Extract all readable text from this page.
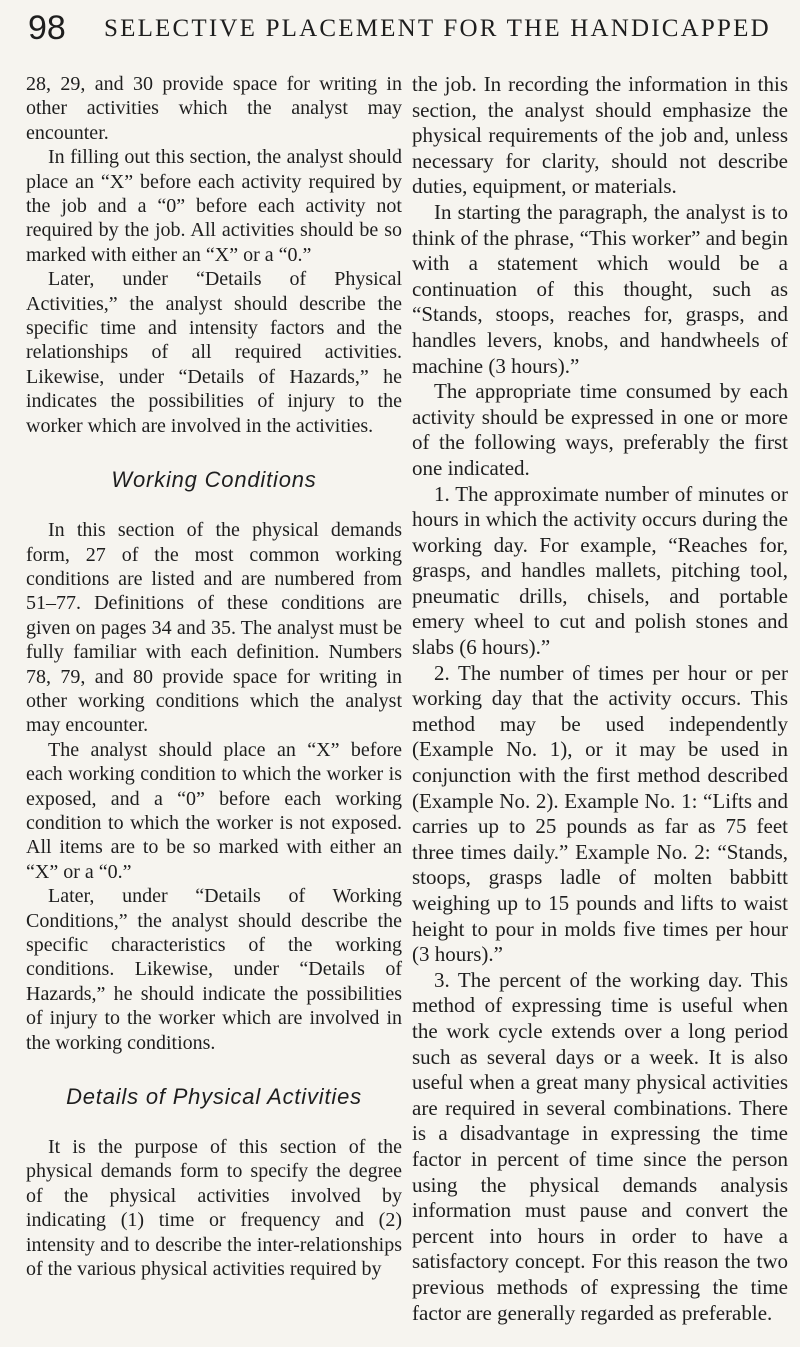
98 SELECTIVE PLACEMENT FOR THE HANDICAPPED

28, 29, and 30 provide space for writing in other activities which the analyst may encounter.

In filling out this section, the analyst should place an “X” before each activity required by the job and a “0” before each activity not required by the job. All activities should be so marked with either an “X” or a “0.”

Later, under “Details of Physical Activities,” the analyst should describe the specific time and intensity factors and the relationships of all required activities. Likewise, under “Details of Hazards,” he indicates the possibilities of injury to the worker which are involved in the activities.

Working Conditions

In this section of the physical demands form, 27 of the most common working conditions are listed and are numbered from 51–77. Definitions of these conditions are given on pages 34 and 35. The analyst must be fully familiar with each definition. Numbers 78, 79, and 80 provide space for writing in other working conditions which the analyst may encounter.

The analyst should place an “X” before each working condition to which the worker is exposed, and a “0” before each working condition to which the worker is not exposed. All items are to be so marked with either an “X” or a “0.”

Later, under “Details of Working Conditions,” the analyst should describe the specific characteristics of the working conditions. Likewise, under “Details of Hazards,” he should indicate the possibilities of injury to the worker which are involved in the working conditions.

Details of Physical Activities

It is the purpose of this section of the physical demands form to specify the degree of the physical activities involved by indicating (1) time or frequency and (2) intensity and to describe the inter-relationships of the various physical activities required by

the job. In recording the information in this section, the analyst should emphasize the physical requirements of the job and, unless necessary for clarity, should not describe duties, equipment, or materials.

In starting the paragraph, the analyst is to think of the phrase, “This worker” and begin with a statement which would be a continuation of this thought, such as “Stands, stoops, reaches for, grasps, and handles levers, knobs, and handwheels of machine (3 hours).”

The appropriate time consumed by each activity should be expressed in one or more of the following ways, preferably the first one indicated.

1. The approximate number of minutes or hours in which the activity occurs during the working day. For example, “Reaches for, grasps, and handles mallets, pitching tool, pneumatic drills, chisels, and portable emery wheel to cut and polish stones and slabs (6 hours).”

2. The number of times per hour or per working day that the activity occurs. This method may be used independently (Example No. 1), or it may be used in conjunction with the first method described (Example No. 2). Example No. 1: “Lifts and carries up to 25 pounds as far as 75 feet three times daily.” Example No. 2: “Stands, stoops, grasps ladle of molten babbitt weighing up to 15 pounds and lifts to waist height to pour in molds five times per hour (3 hours).”

3. The percent of the working day. This method of expressing time is useful when the work cycle extends over a long period such as several days or a week. It is also useful when a great many physical activities are required in several combinations. There is a disadvantage in expressing the time factor in percent of time since the person using the physical demands analysis information must pause and convert the percent into hours in order to have a satisfactory concept. For this reason the two previous methods of expressing the time factor are generally regarded as preferable.
